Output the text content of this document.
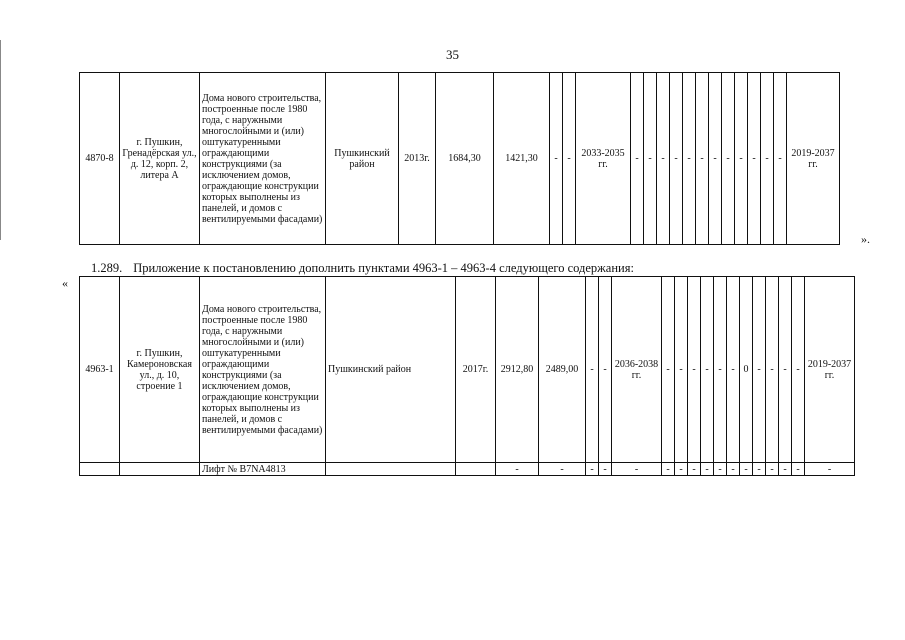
35
4870-8	г. Пушкин, Гренадёрская ул., д. 12, корп. 2, литера А	Дома нового строительства, построенные после 1980 года, с наружными многослойными и (или) оштукатуренными ограждающими конструкциями (за исключением домов, ограждающие конструкции которых выполнены из панелей, и домов с вентилируемыми фасадами)	Пушкинский район	2013г.	1684,30	1421,30	-	-	2033-2035 гг.	-	-	-	-	-	-	-	-	-	-	-	-	2019-2037 гг.
».
1.289. Приложение к постановлению дополнить пунктами 4963-1 – 4963-4 следующего содержания:
«
4963-1	г. Пушкин, Камероновская ул., д. 10, строение 1	Дома нового строительства, построенные после 1980 года, с наружными многослойными и (или) оштукатуренными ограждающими конструкциями (за исключением домов, ограждающие конструкции которых выполнены из панелей, и домов с вентилируемыми фасадами)	Пушкинский район	2017г.	2912,80	2489,00	-	-	2036-2038 гг.	-	-	-	-	-	-	0	-	-	-	-	2019-2037 гг.
		Лифт № B7NA4813			-	-	-	-	-	-	-	-	-	-	-	-	-	-	-	-	-
